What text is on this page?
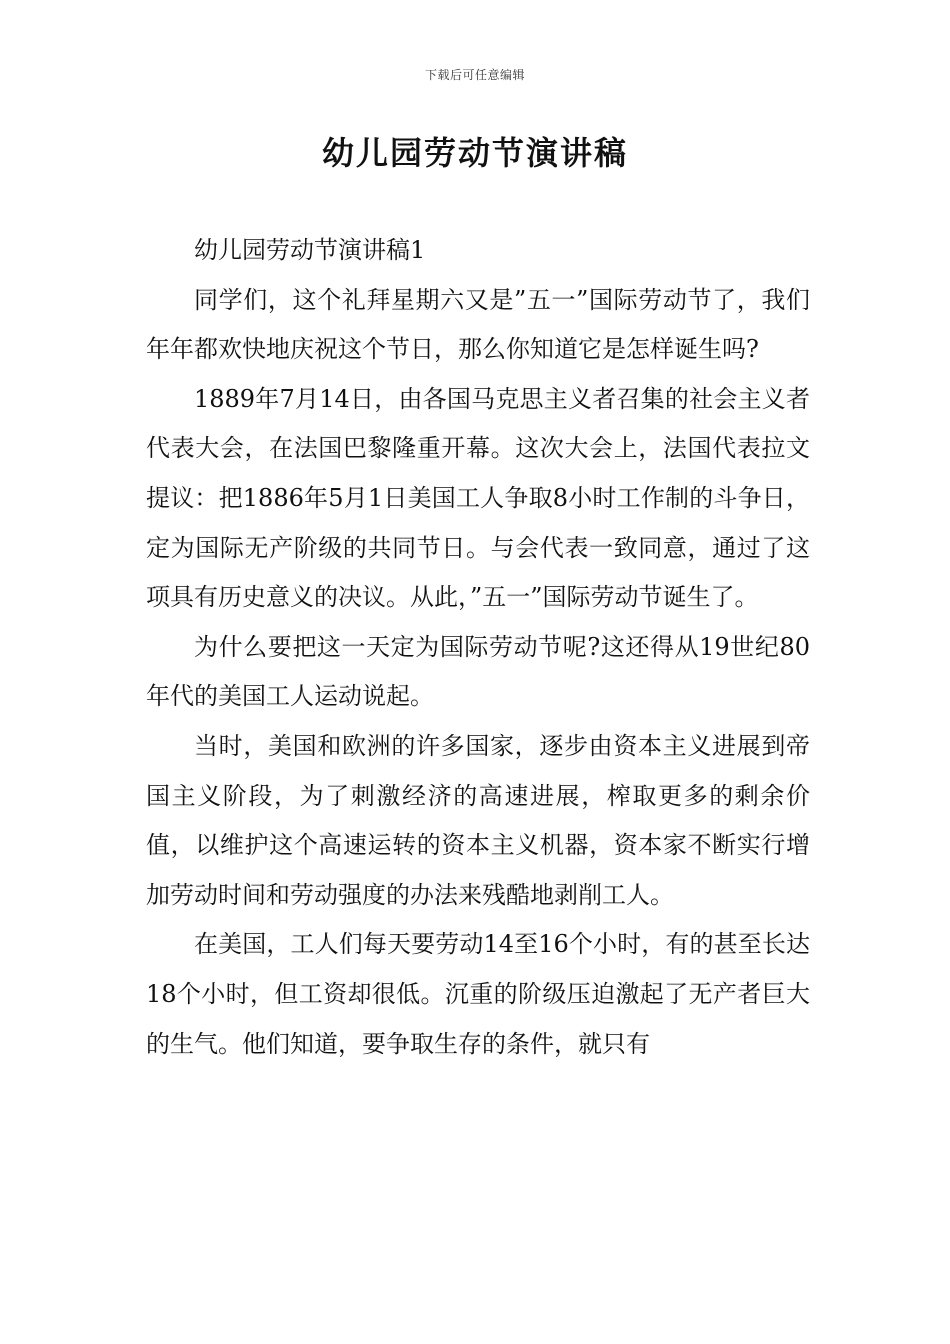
下载后可任意编辑
幼儿园劳动节演讲稿

幼儿园劳动节演讲稿1

同学们，这个礼拜星期六又是”五一”国际劳动节了，我们年年都欢快地庆祝这个节日，那么你知道它是怎样诞生吗?

1889年7月14日，由各国马克思主义者召集的社会主义者代表大会，在法国巴黎隆重开幕。这次大会上，法国代表拉文提议：把1886年5月1日美国工人争取8小时工作制的斗争日，定为国际无产阶级的共同节日。与会代表一致同意，通过了这项具有历史意义的决议。从此，”五一”国际劳动节诞生了。

为什么要把这一天定为国际劳动节呢?这还得从19世纪80年代的美国工人运动说起。

当时，美国和欧洲的许多国家，逐步由资本主义进展到帝国主义阶段，为了刺激经济的高速进展，榨取更多的剩余价值，以维护这个高速运转的资本主义机器，资本家不断实行增加劳动时间和劳动强度的办法来残酷地剥削工人。

在美国，工人们每天要劳动14至16个小时，有的甚至长达18个小时，但工资却很低。沉重的阶级压迫激起了无产者巨大的生气。他们知道，要争取生存的条件，就只有
